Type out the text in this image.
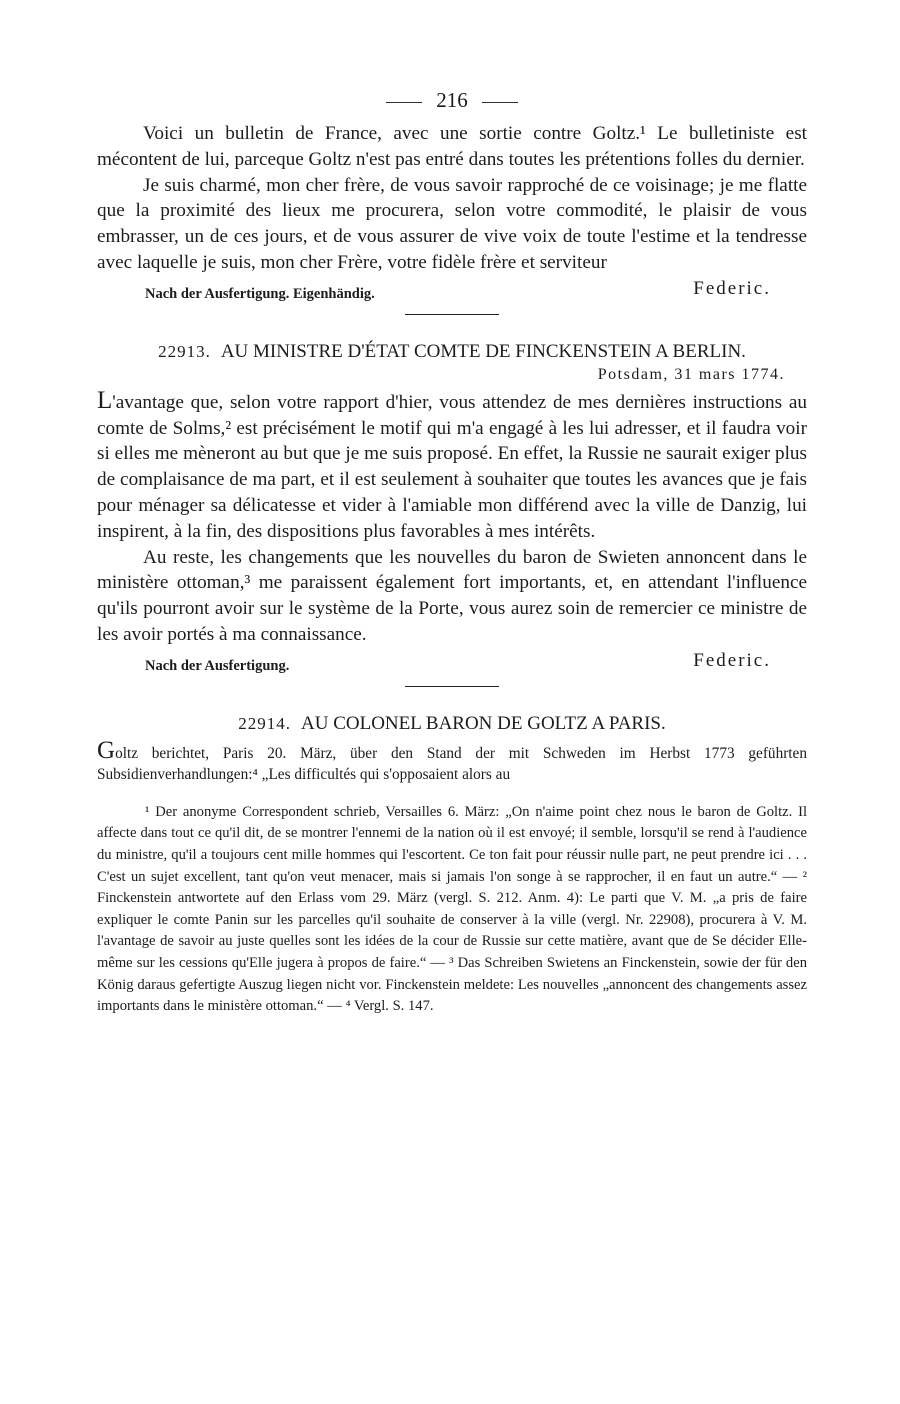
216

Voici un bulletin de France, avec une sortie contre Goltz.¹ Le bulletiniste est mécontent de lui, parceque Goltz n'est pas entré dans toutes les prétentions folles du dernier.

Je suis charmé, mon cher frère, de vous savoir rapproché de ce voisinage; je me flatte que la proximité des lieux me procurera, selon votre commodité, le plaisir de vous embrasser, un de ces jours, et de vous assurer de vive voix de toute l'estime et la tendresse avec laquelle je suis, mon cher Frère, votre fidèle frère et serviteur

Nach der Ausfertigung. Eigenhändig.	Federic.
22913. AU MINISTRE D'ÉTAT COMTE DE FINCKENSTEIN A BERLIN.
Potsdam, 31 mars 1774.

L'avantage que, selon votre rapport d'hier, vous attendez de mes dernières instructions au comte de Solms,² est précisément le motif qui m'a engagé à les lui adresser, et il faudra voir si elles me mèneront au but que je me suis proposé. En effet, la Russie ne saurait exiger plus de complaisance de ma part, et il est seulement à souhaiter que toutes les avances que je fais pour ménager sa délicatesse et vider à l'amiable mon différend avec la ville de Danzig, lui inspirent, à la fin, des dispositions plus favorables à mes intérêts.

Au reste, les changements que les nouvelles du baron de Swieten annoncent dans le ministère ottoman,³ me paraissent également fort importants, et, en attendant l'influence qu'ils pourront avoir sur le système de la Porte, vous aurez soin de remercier ce ministre de les avoir portés à ma connaissance.

Nach der Ausfertigung.	Federic.
22914. AU COLONEL BARON DE GOLTZ A PARIS.

Goltz berichtet, Paris 20. März, über den Stand der mit Schweden im Herbst 1773 geführten Subsidienverhandlungen:⁴ „Les difficultés qui s'opposaient alors au

¹ Der anonyme Correspondent schrieb, Versailles 6. März: „On n'aime point chez nous le baron de Goltz. Il affecte dans tout ce qu'il dit, de se montrer l'ennemi de la nation où il est envoyé; il semble, lorsqu'il se rend à l'audience du ministre, qu'il a toujours cent mille hommes qui l'escortent. Ce ton fait pour réussir nulle part, ne peut prendre ici . . . C'est un sujet excellent, tant qu'on veut menacer, mais si jamais l'on songe à se rapprocher, il en faut un autre.“ — ² Finckenstein antwortete auf den Erlass vom 29. März (vergl. S. 212. Anm. 4): Le parti que V. M. „a pris de faire expliquer le comte Panin sur les parcelles qu'il souhaite de conserver à la ville (vergl. Nr. 22908), procurera à V. M. l'avantage de savoir au juste quelles sont les idées de la cour de Russie sur cette matière, avant que de Se décider Elle-même sur les cessions qu'Elle jugera à propos de faire.“ — ³ Das Schreiben Swietens an Finckenstein, sowie der für den König daraus gefertigte Auszug liegen nicht vor. Finckenstein meldete: Les nouvelles „annoncent des changements assez importants dans le ministère ottoman.“ — ⁴ Vergl. S. 147.
